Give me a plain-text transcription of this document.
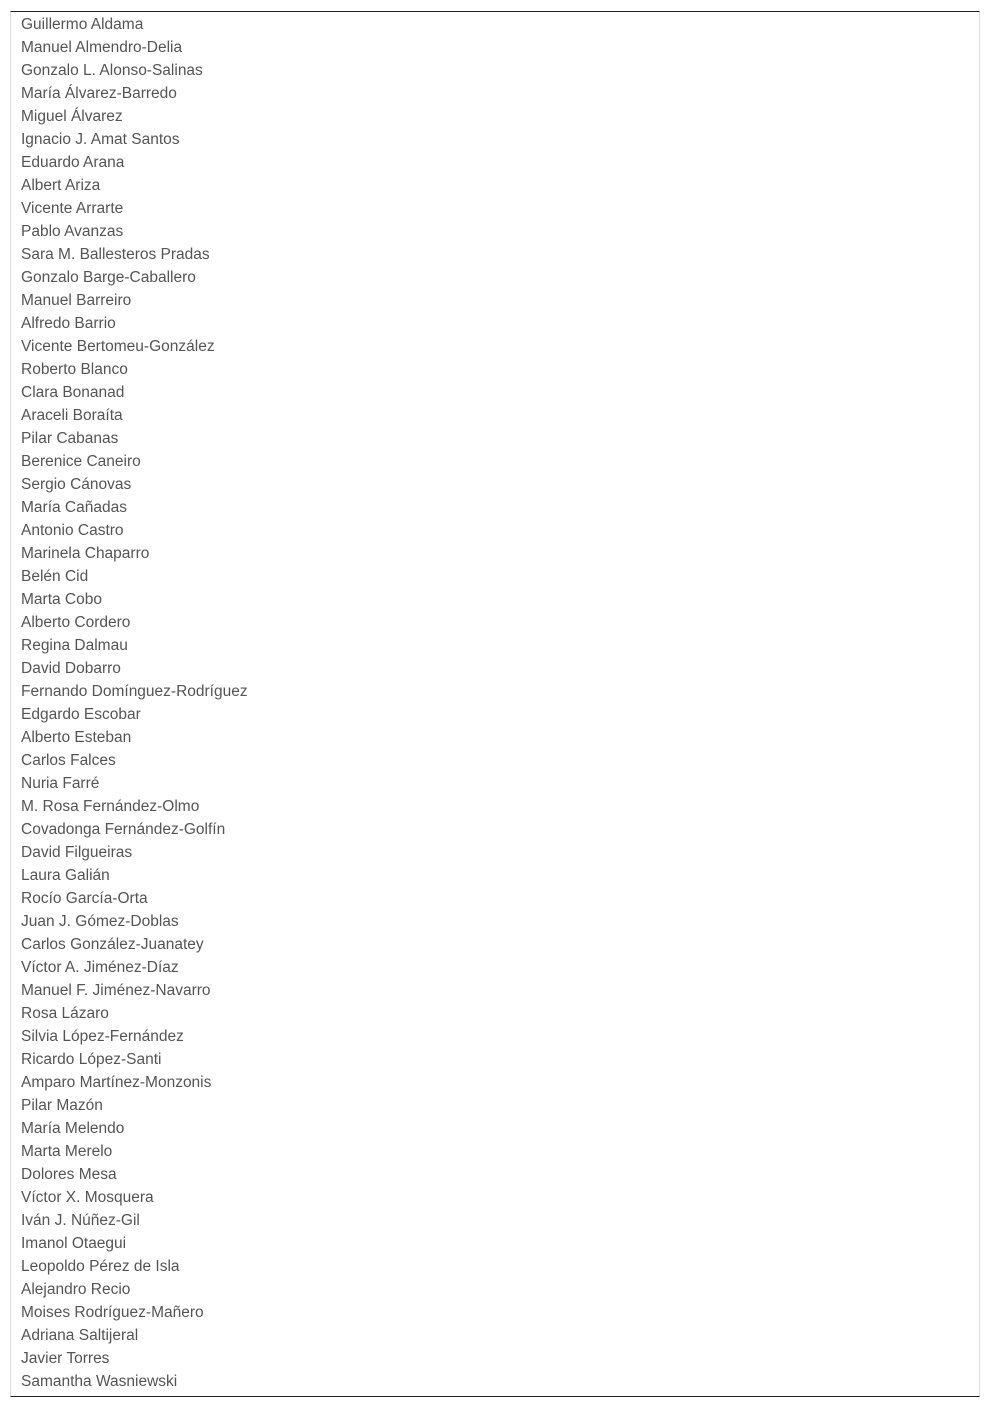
Guillermo Aldama
Manuel Almendro-Delia
Gonzalo L. Alonso-Salinas
María Álvarez-Barredo
Miguel Álvarez
Ignacio J. Amat Santos
Eduardo Arana
Albert Ariza
Vicente Arrarte
Pablo Avanzas
Sara M. Ballesteros Pradas
Gonzalo Barge-Caballero
Manuel Barreiro
Alfredo Barrio
Vicente Bertomeu-González
Roberto Blanco
Clara Bonanad
Araceli Boraíta
Pilar Cabanas
Berenice Caneiro
Sergio Cánovas
María Cañadas
Antonio Castro
Marinela Chaparro
Belén Cid
Marta Cobo
Alberto Cordero
Regina Dalmau
David Dobarro
Fernando Domínguez-Rodríguez
Edgardo Escobar
Alberto Esteban
Carlos Falces
Nuria Farré
M. Rosa Fernández-Olmo
Covadonga Fernández-Golfín
David Filgueiras
Laura Galián
Rocío García-Orta
Juan J. Gómez-Doblas
Carlos González-Juanatey
Víctor A. Jiménez-Díaz
Manuel F. Jiménez-Navarro
Rosa Lázaro
Silvia López-Fernández
Ricardo López-Santi
Amparo Martínez-Monzonis
Pilar Mazón
María Melendo
Marta Merelo
Dolores Mesa
Víctor X. Mosquera
Iván J. Núñez-Gil
Imanol Otaegui
Leopoldo Pérez de Isla
Alejandro Recio
Moises Rodríguez-Mañero
Adriana Saltijeral
Javier Torres
Samantha Wasniewski
